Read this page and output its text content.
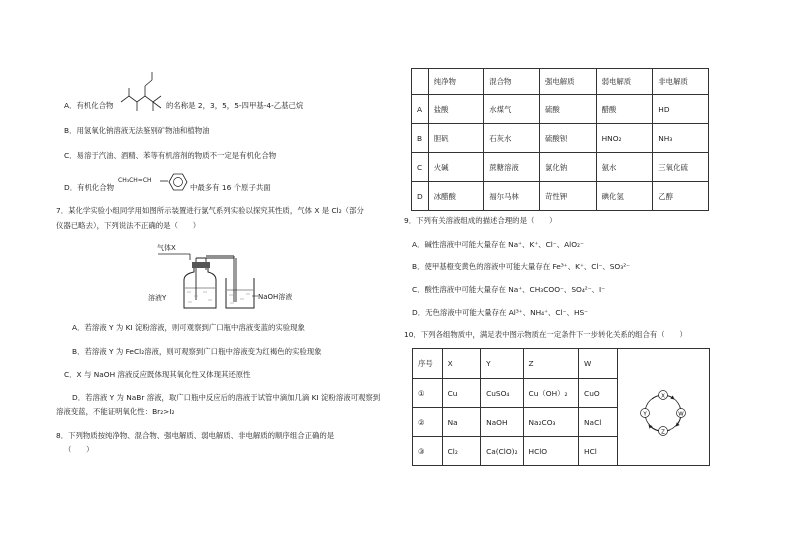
A．有机化合物	的名称是 2，3，5，5-四甲基-4-乙基己烷
B．用氢氧化钠溶液无法鉴别矿物油和植物油
C．易溶于汽油、酒精、苯等有机溶剂的物质不一定是有机化合物
D．有机化合物
CH₃CH=CH
中最多有 16 个原子共面
7．某化学实验小组同学用如图所示装置进行氯气系列实验以探究其性质，气体 X 是 Cl₂（部分
仪器已略去），下列说法不正确的是（　　）
气体X
溶液Y	NaOH溶液
A．若溶液 Y 为 KI 淀粉溶液，则可观察到广口瓶中溶液变蓝的实验现象
B．若溶液 Y 为 FeCl₂溶液，则可观察到广口瓶中溶液变为红褐色的实验现象
C．X 与 NaOH 溶液反应既体现其氧化性又体现其还原性
D．若溶液 Y 为 NaBr 溶液，取广口瓶中反应后的溶液于试管中滴加几滴 KI 淀粉溶液可观察到
溶液变蓝，不能证明氧化性：Br₂>I₂
8．下列物质按纯净物、混合物、强电解质、弱电解质、非电解质的顺序组合正确的是
（　　）
	纯净物	混合物	强电解质	弱电解质	非电解质
A	盐酸	水煤气	硫酸	醋酸	HD
B	胆矾	石灰水	硫酸钡	HNO₂	NH₃
C	火碱	蔗糖溶液	氯化钠	氨水	三氧化硫
D	冰醋酸	福尔马林	苛性钾	碘化氢	乙醇
9．下列有关溶液组成的描述合理的是（　　）
A．碱性溶液中可能大量存在 Na⁺、K⁺、Cl⁻、AlO₂⁻
B．使甲基橙变黄色的溶液中可能大量存在 Fe³⁺、K⁺、Cl⁻、SO₃²⁻
C．酸性溶液中可能大量存在 Na⁺、CH₃COO⁻、SO₄²⁻、I⁻
D．无色溶液中可能大量存在 Al³⁺、NH₄⁺、Cl⁻、HS⁻
10．下列各组物质中，满足表中图示物质在一定条件下一步转化关系的组合有（　　）
序号	X	Y	Z	W	X
W
Z
Y

①	Cu	CuSO₄	Cu（OH）₂	CuO	
②	Na	NaOH	Na₂CO₃	NaCl	
③	Cl₂	Ca(ClO)₂	HClO	HCl	
